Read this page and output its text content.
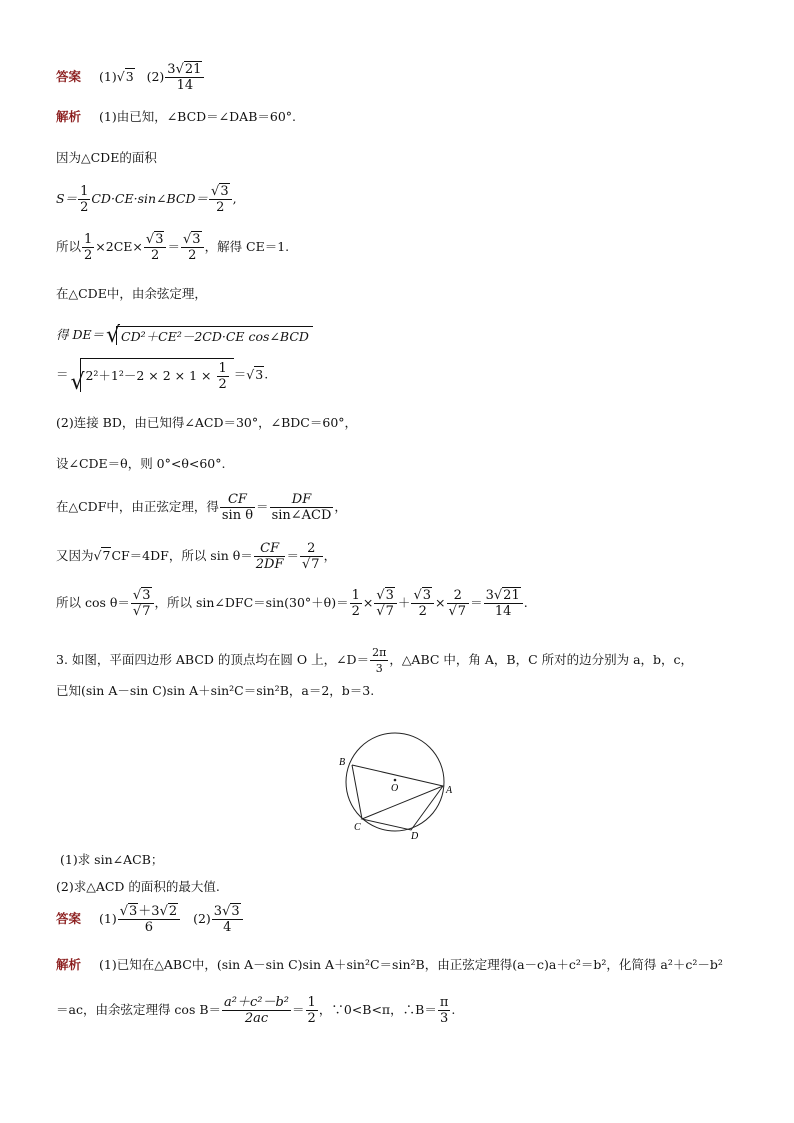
答案 (1)√3 $(2) \frac{3√21}{14}$
解析 (1)由已知，∠BCD＝∠DAB＝60°.
因为△CDE的面积
$S= \frac{1}{2}$ CD·CE·sin∠BCD＝ $\frac{√3}{2}$ ,
所以 $\frac{1}{2} \times 2CE\times \frac{√3}{2} = \frac{√3}{2}$ ，解得 CE＝1.
在△CDE中，由余弦定理，
得 DE＝ √ CD²＋CE²－2CD·CE cos∠BCD
＝ √ $2^2+1^2-2 \times 2 \times 1 \times \frac{1}{2} =√3$.
(2)连接 BD，由已知得∠ACD＝30°，∠BDC＝60°，
设∠CDE＝θ，则 0°<θ<60°.
在△CDF中，由正弦定理，得 $\frac{CF}{\text{sin θ}} = \frac{DF}{\text{sin∠ACD}}$ ，
又因为√7CF＝4DF，所以 $\sin \theta= \frac{CF}{2DF} = \frac{2}{√7}$ ，
所以 $\cos \theta= \frac{√3}{√7}$ ，所以 sin∠DFC＝sin(30°＋θ)＝ $\frac{1}{2} \times \frac{√3}{√7} + \frac{√3}{2} \times \frac{2}{√7} = \frac{3√21}{14}$ .
3. 如图，平面四边形 ABCD 的顶点均在圆 O 上，∠D＝ $\frac{2\pi}{3}$ ，△ABC 中，角 A，B，C 所对的边分别为 a，b，c，
已知(sin A－sin C)sin A＋sin²C＝sin²B，a＝2，b＝3.
B
O	A
C
D
(1)求 sin∠ACB；
(2)求△ACD 的面积的最大值.
答案 $(1) \frac{√3+3√2}{6} (2) \frac{3√3}{4}$
解析 (1)已知在△ABC中，(sin A－sin C)sin A＋sin²C＝sin²B，由正弦定理得(a－c)a＋c²＝b²，化简得 a²＋c²－b²
＝ac，由余弦定理得 $\cos B= \frac{\text{a²＋c²－b²}}{2ac} = \frac{1}{2}$ ，∵0<B<π，∴B＝ $\frac{\pi}{3}$ .
